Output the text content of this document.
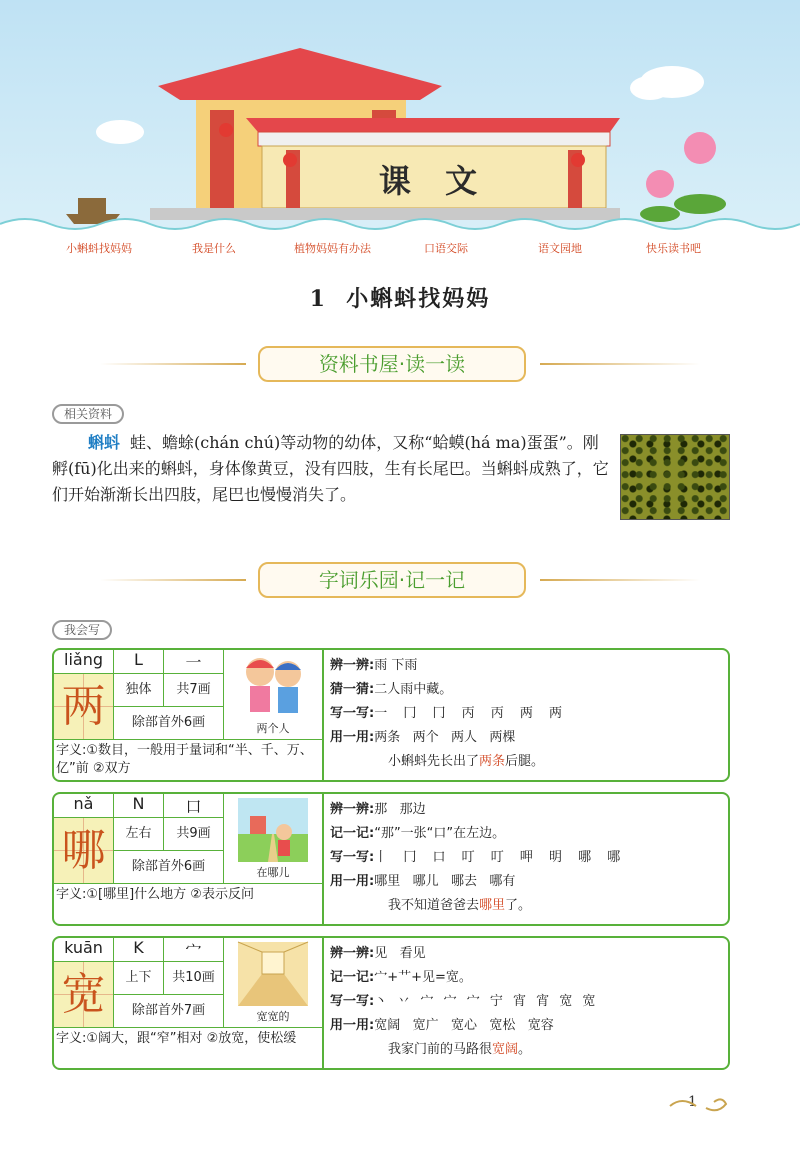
课  文
小蝌蚪找妈妈	我是什么	植物妈妈有办法	口语交际	语文园地	快乐读书吧
1  小蝌蚪找妈妈
资料书屋·读一读
相关资料
蝌蚪 蛙、蟾蜍(chán chú)等动物的幼体，又称“蛤蟆(há ma)蛋蛋”。刚孵(fū)化出来的蝌蚪，身体像黄豆，没有四肢，生有长尾巴。当蝌蚪成熟了，它们开始渐渐长出四肢，尾巴也慢慢消失了。
字词乐园·记一记
我会写
liǎng	L	一
两	独体	共7画
除部首外6画	两个人
字义:①数目，一般用于量词和“半、千、万、亿”前 ②双方
辨一辨:雨 下雨
猜一猜:二人雨中藏。
写一写:一 冂 冂 丙 丙 两 两
用一用:两条   两个   两人   两棵
小蝌蚪先长出了两条后腿。
nǎ	N	口
哪	左右	共9画
除部首外6画	在哪儿
字义:①[哪里]什么地方 ②表示反问
辨一辨:那   那边
记一记:“那”一张“口”在左边。
写一写:丨 冂 口 叮 叮 呷 明 哪 哪
用一用:哪里   哪儿   哪去   哪有
我不知道爸爸去哪里了。
kuān	K	宀
宽	上下	共10画
除部首外7画	宽宽的
字义:①阔大，跟“窄”相对 ②放宽，使松缓
辨一辨:见   看见
记一记:宀+艹+见=宽。
写一写:丶 丷 宀 宀 宀 宁 宵 宵 宽 宽
用一用:宽阔   宽广   宽心   宽松   宽容
我家门前的马路很宽阔。
1
